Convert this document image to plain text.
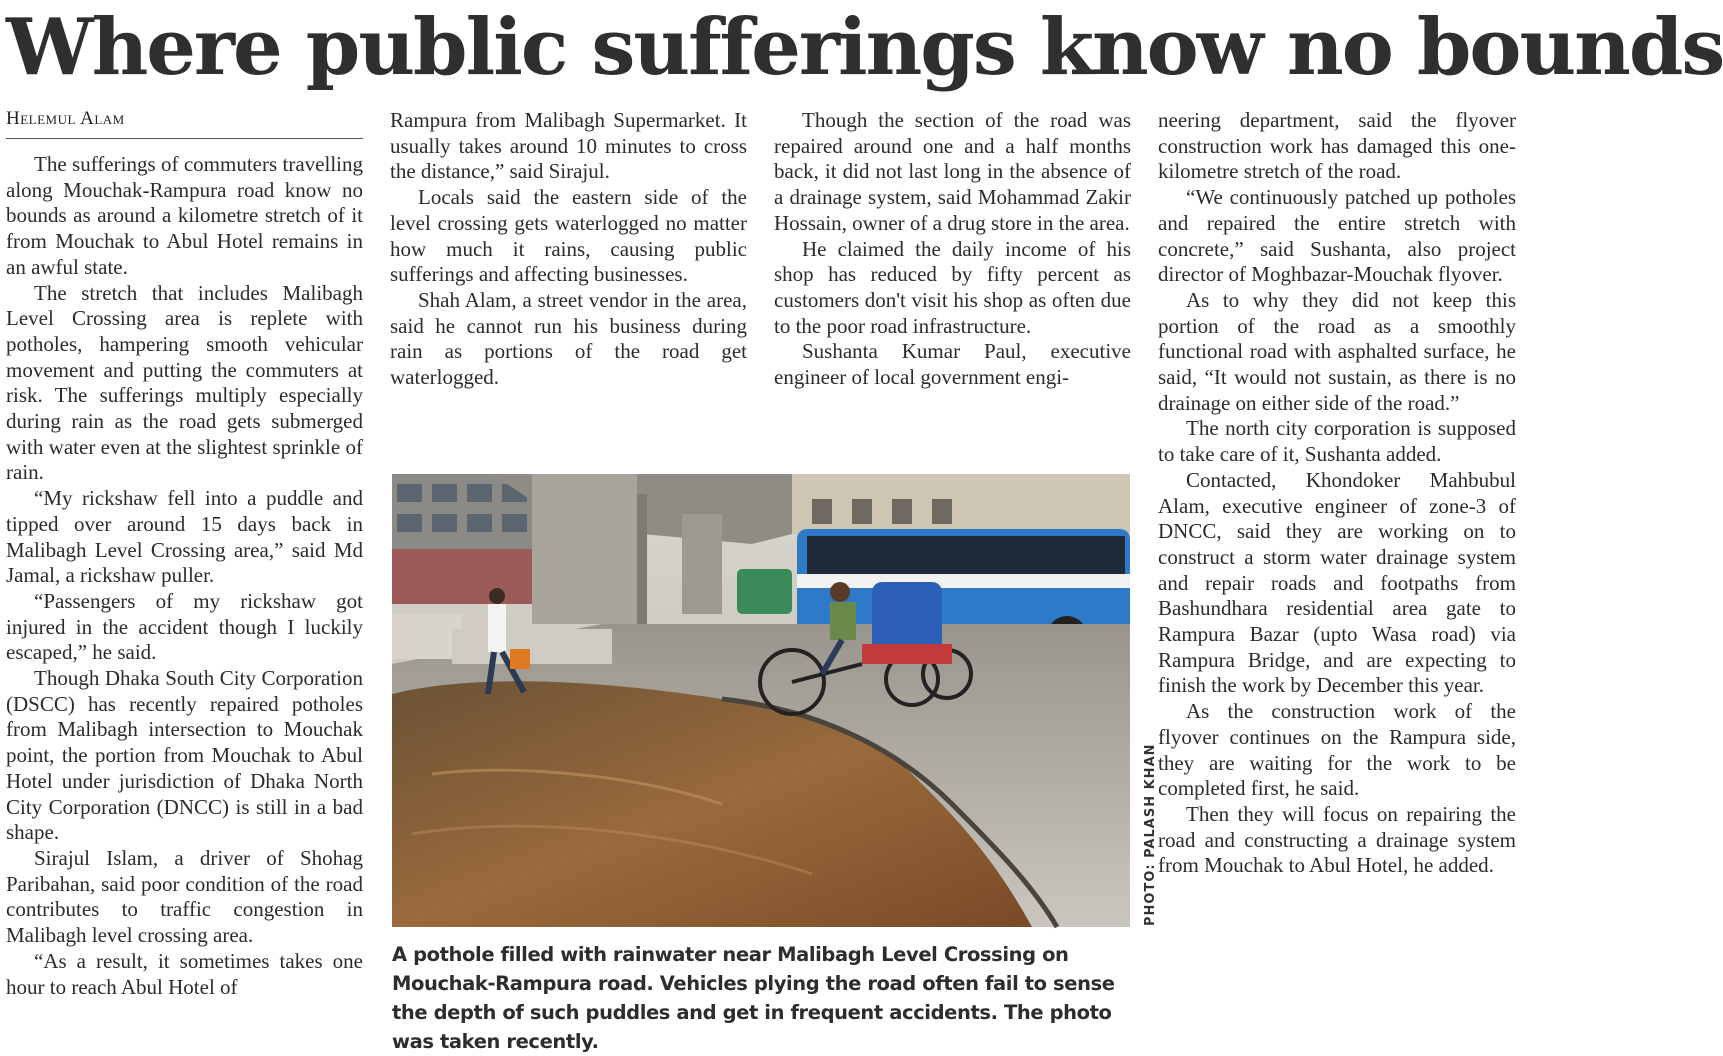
Where public sufferings know no bounds
Helemul Alam

The sufferings of commuters travelling along Mouchak-Rampura road know no bounds as around a kilometre stretch of it from Mouchak to Abul Hotel remains in an awful state.

The stretch that includes Malibagh Level Crossing area is replete with potholes, hampering smooth vehicular movement and putting the commuters at risk. The sufferings multiply especially during rain as the road gets submerged with water even at the slightest sprinkle of rain.

“My rickshaw fell into a puddle and tipped over around 15 days back in Malibagh Level Crossing area,” said Md Jamal, a rickshaw puller.

“Passengers of my rickshaw got injured in the accident though I luckily escaped,” he said.

Though Dhaka South City Corporation (DSCC) has recently repaired potholes from Malibagh intersection to Mouchak point, the portion from Mouchak to Abul Hotel under jurisdiction of Dhaka North City Corporation (DNCC) is still in a bad shape.

Sirajul Islam, a driver of Shohag Paribahan, said poor condition of the road contributes to traffic congestion in Malibagh level crossing area.

“As a result, it sometimes takes one hour to reach Abul Hotel of

Rampura from Malibagh Supermarket. It usually takes around 10 minutes to cross the distance,” said Sirajul.

Locals said the eastern side of the level crossing gets waterlogged no matter how much it rains, causing public sufferings and affecting businesses.

Shah Alam, a street vendor in the area, said he cannot run his business during rain as portions of the road get waterlogged.

Though the section of the road was repaired around one and a half months back, it did not last long in the absence of a drainage system, said Mohammad Zakir Hossain, owner of a drug store in the area.

He claimed the daily income of his shop has reduced by fifty percent as customers don't visit his shop as often due to the poor road infrastructure.

Sushanta Kumar Paul, executive engineer of local government engi-

neering department, said the flyover construction work has damaged this one-kilometre stretch of the road.

“We continuously patched up potholes and repaired the entire stretch with concrete,” said Sushanta, also project director of Moghbazar-Mouchak flyover.

As to why they did not keep this portion of the road as a smoothly functional road with asphalted surface, he said, “It would not sustain, as there is no drainage on either side of the road.”

The north city corporation is supposed to take care of it, Sushanta added.

Contacted, Khondoker Mahbubul Alam, executive engineer of zone-3 of DNCC, said they are working on to construct a storm water drainage system and repair roads and footpaths from Bashundhara residential area gate to Rampura Bazar (upto Wasa road) via Rampura Bridge, and are expecting to finish the work by December this year.

As the construction work of the flyover continues on the Rampura side, they are waiting for the work to be completed first, he said.

Then they will focus on repairing the road and constructing a drainage system from Mouchak to Abul Hotel, he added.

PHOTO: PALASH KHAN

A pothole filled with rainwater near Malibagh Level Crossing on Mouchak-Rampura road. Vehicles plying the road often fail to sense the depth of such puddles and get in frequent accidents. The photo was taken recently.
